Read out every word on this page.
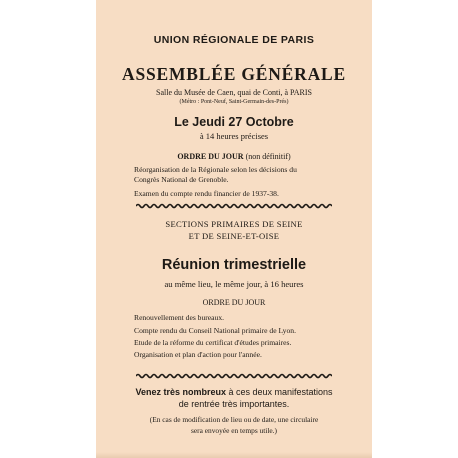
UNION RÉGIONALE DE PARIS
ASSEMBLÉE GÉNÉRALE
Salle du Musée de Caen, quai de Conti, à PARIS
(Métro : Pont-Neuf, Saint-Germain-des-Prés)
Le Jeudi 27 Octobre
à 14 heures précises
ORDRE DU JOUR (non définitif)
Réorganisation de la Régionale selon les décisions du
Congrès National de Grenoble.
Examen du compte rendu financier de 1937-38.
SECTIONS PRIMAIRES DE SEINE
ET DE SEINE-ET-OISE
Réunion trimestrielle
au même lieu, le même jour, à 16 heures
ORDRE DU JOUR
Renouvellement des bureaux.
Compte rendu du Conseil National primaire de Lyon.
Etude de la réforme du certificat d'études primaires.
Organisation et plan d'action pour l'année.
Venez très nombreux à ces deux manifestations
de rentrée très importantes.
(En cas de modification de lieu ou de date, une circulaire
sera envoyée en temps utile.)
